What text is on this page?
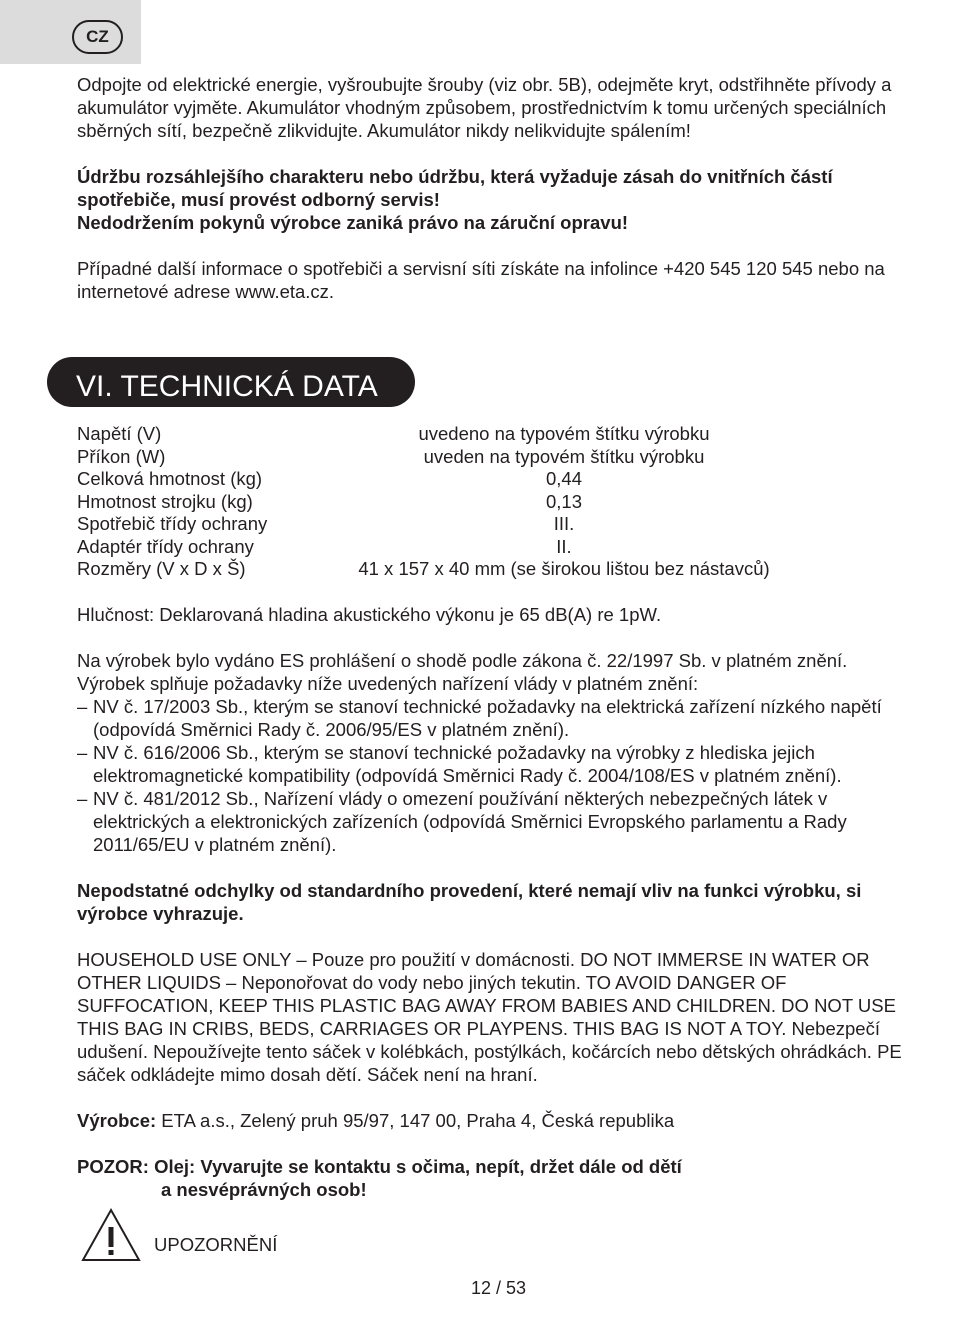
CZ

Odpojte od elektrické energie, vyšroubujte šrouby (viz obr. 5B), odejměte kryt, odstřihněte přívody a akumulátor vyjměte. Akumulátor vhodným způsobem, prostřednictvím k tomu určených speciálních sběrných sítí, bezpečně zlikvidujte. Akumulátor nikdy nelikvidujte spálením!

Údržbu rozsáhlejšího charakteru nebo údržbu, která vyžaduje zásah do vnitřních částí spotřebiče, musí provést odborný servis!

Nedodržením pokynů výrobce zaniká právo na záruční opravu!

Případné další informace o spotřebiči a servisní síti získáte na infolince +420 545 120 545 nebo na internetové adrese www.eta.cz.

VI. TECHNICKÁ DATA
Napětí (V)	uvedeno na typovém štítku výrobku
Příkon (W)	uveden na typovém štítku výrobku
Celková hmotnost (kg)	0,44
Hmotnost strojku (kg)	0,13
Spotřebič třídy ochrany	III.
Adaptér třídy ochrany	II.
Rozměry (V x D x Š)	41 x 157 x 40 mm (se širokou lištou bez nástavců)

Hlučnost: Deklarovaná hladina akustického výkonu je 65 dB(A) re 1pW.

Na výrobek bylo vydáno ES prohlášení o shodě podle zákona č. 22/1997 Sb. v platném znění. Výrobek splňuje požadavky níže uvedených nařízení vlády v platném znění:

– NV č. 17/2003 Sb., kterým se stanoví technické požadavky na elektrická zařízení nízkého napětí (odpovídá Směrnici Rady č. 2006/95/ES v platném znění).
– NV č. 616/2006 Sb., kterým se stanoví technické požadavky na výrobky z hlediska jejich elektromagnetické kompatibility (odpovídá Směrnici Rady č. 2004/108/ES v platném znění).
– NV č. 481/2012 Sb., Nařízení vlády o omezení používání některých nebezpečných látek v elektrických a elektronických zařízeních (odpovídá Směrnici Evropského parlamentu a Rady 2011/65/EU v platném znění).

Nepodstatné odchylky od standardního provedení, které nemají vliv na funkci výrobku, si výrobce vyhrazuje.

HOUSEHOLD USE ONLY – Pouze pro použití v domácnosti. DO NOT IMMERSE IN WATER OR OTHER LIQUIDS – Neponořovat do vody nebo jiných tekutin. TO AVOID DANGER OF SUFFOCATION, KEEP THIS PLASTIC BAG AWAY FROM BABIES AND CHILDREN. DO NOT USE THIS BAG IN CRIBS, BEDS, CARRIAGES OR PLAYPENS. THIS BAG IS NOT A TOY. Nebezpečí udušení. Nepoužívejte tento sáček v kolébkách, postýlkách, kočárcích nebo dětských ohrádkách. PE sáček odkládejte mimo dosah dětí. Sáček není na hraní.

Výrobce: ETA a.s., Zelený pruh 95/97, 147 00, Praha 4, Česká republika

POZOR: Olej: Vyvarujte se kontaktu s očima, nepít, držet dále od dětí

a nesvéprávných osob!

UPOZORNĚNÍ
12 / 53
